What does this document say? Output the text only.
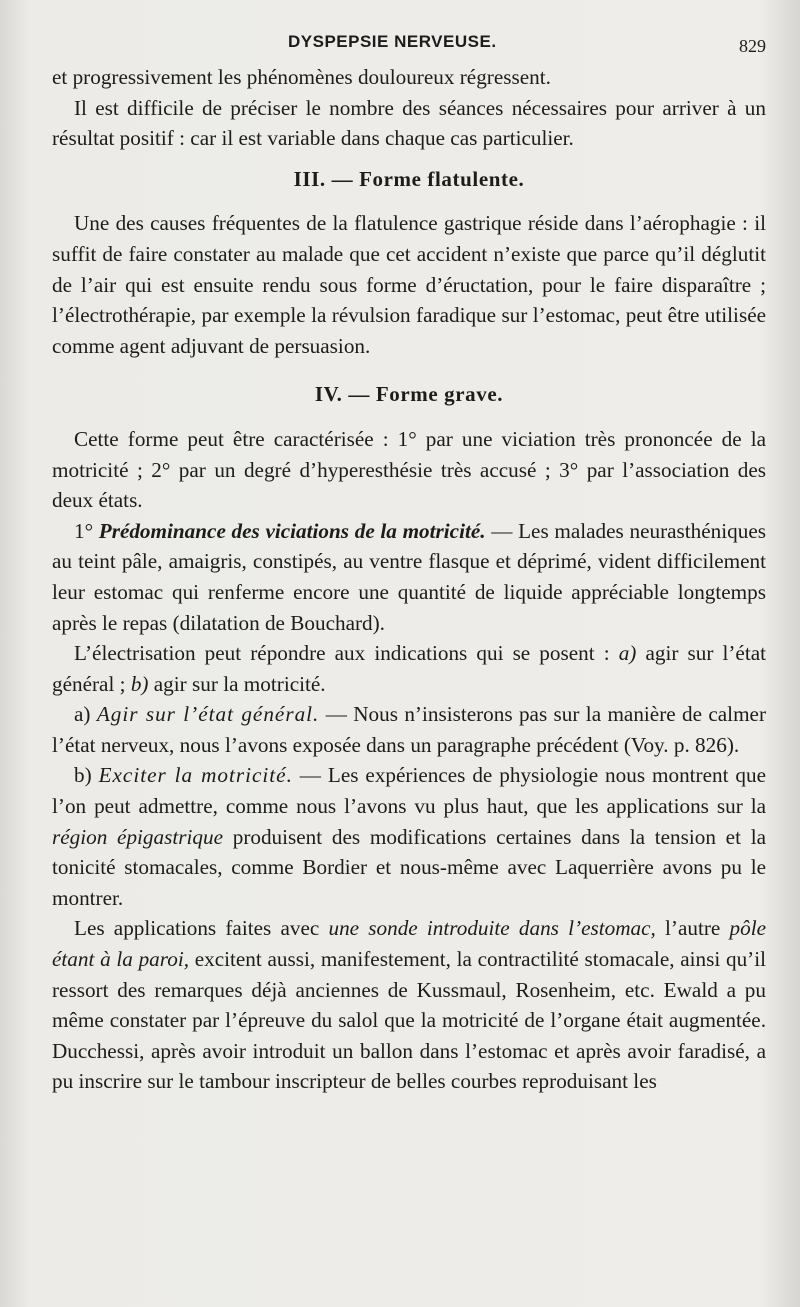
DYSPEPSIE NERVEUSE.	829

et progressivement les phénomènes douloureux régressent.

Il est difficile de préciser le nombre des séances nécessaires pour arriver à un résultat positif : car il est variable dans chaque cas particulier.

III. — Forme flatulente.

Une des causes fréquentes de la flatulence gastrique réside dans l’aérophagie : il suffit de faire constater au malade que cet accident n’existe que parce qu’il déglutit de l’air qui est ensuite rendu sous forme d’éructation, pour le faire disparaître ; l’électrothérapie, par exemple la révulsion faradique sur l’estomac, peut être utilisée comme agent adjuvant de persuasion.

IV. — Forme grave.

Cette forme peut être caractérisée : 1° par une viciation très prononcée de la motricité ; 2° par un degré d’hyperesthésie très accusé ; 3° par l’association des deux états.

1° Prédominance des viciations de la motricité. — Les malades neurasthéniques au teint pâle, amaigris, constipés, au ventre flasque et déprimé, vident difficilement leur estomac qui renferme encore une quantité de liquide appréciable longtemps après le repas (dilatation de Bouchard).

L’électrisation peut répondre aux indications qui se posent : a) agir sur l’état général ; b) agir sur la motricité.

a) Agir sur l’état général. — Nous n’insisterons pas sur la manière de calmer l’état nerveux, nous l’avons exposée dans un paragraphe précédent (Voy. p. 826).

b) Exciter la motricité. — Les expériences de physiologie nous montrent que l’on peut admettre, comme nous l’avons vu plus haut, que les applications sur la région épigastrique produisent des modifications certaines dans la tension et la tonicité stomacales, comme Bordier et nous-même avec Laquerrière avons pu le montrer.

Les applications faites avec une sonde introduite dans l’estomac, l’autre pôle étant à la paroi, excitent aussi, manifestement, la contractilité stomacale, ainsi qu’il ressort des remarques déjà anciennes de Kussmaul, Rosenheim, etc. Ewald a pu même constater par l’épreuve du salol que la motricité de l’organe était augmentée. Ducchessi, après avoir introduit un ballon dans l’estomac et après avoir faradisé, a pu inscrire sur le tambour inscripteur de belles courbes reproduisant les
